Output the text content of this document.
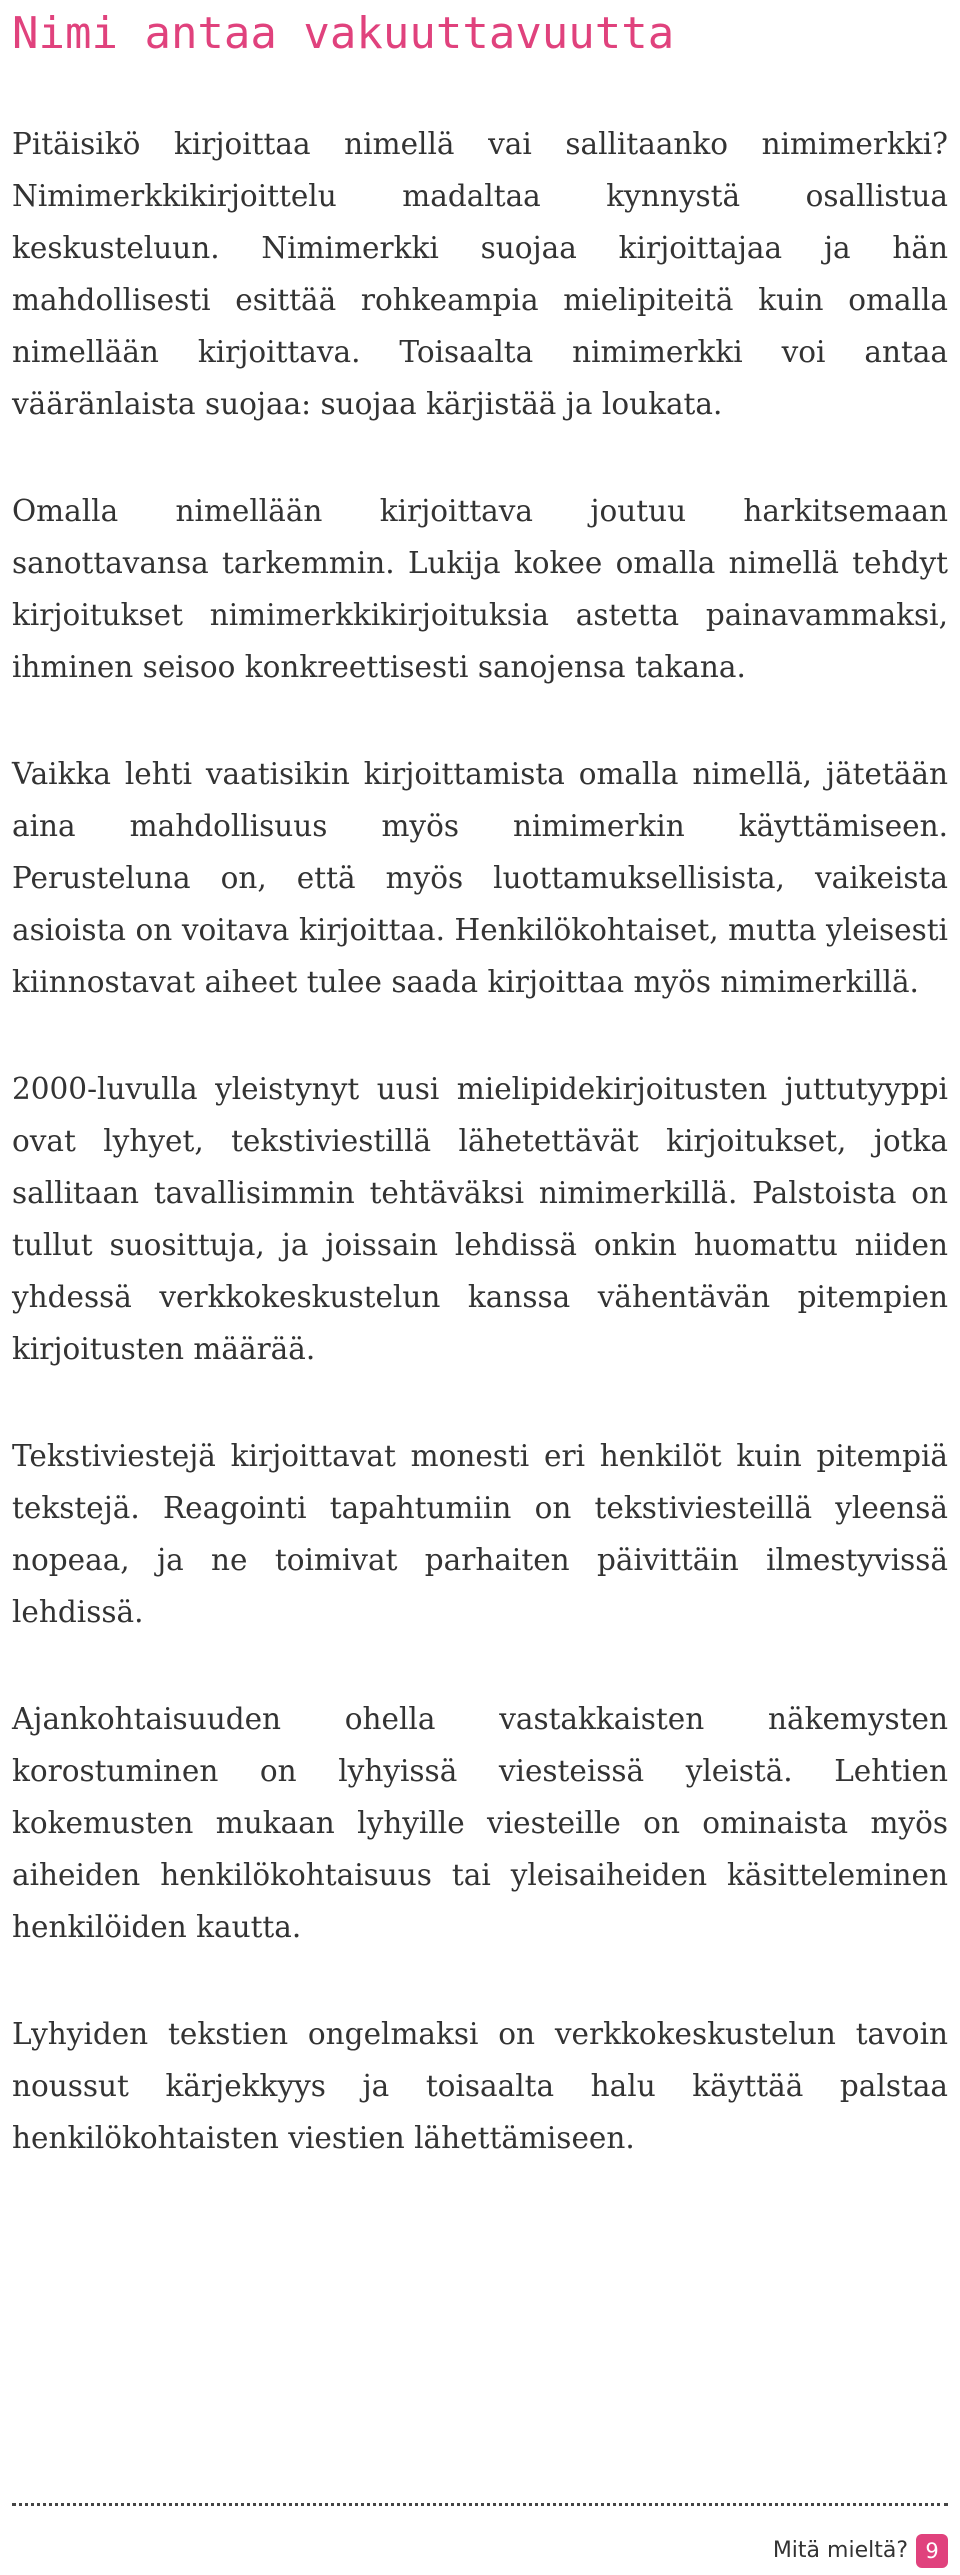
Nimi antaa vakuuttavuutta

Pitäisikö kirjoittaa nimellä vai sallitaanko nimimerkki? Nimimerkkikirjoittelu madaltaa kynnystä osallistua keskusteluun. Nimimerkki suojaa kirjoittajaa ja hän mahdollisesti esittää rohkeampia mielipiteitä kuin omalla nimellään kirjoittava. Toisaalta nimimerkki voi antaa vääränlaista suojaa: suojaa kärjistää ja loukata.

Omalla nimellään kirjoittava joutuu harkitsemaan sanottavansa tarkemmin. Lukija kokee omalla nimellä tehdyt kirjoitukset nimimerkkikirjoituksia astetta painavammaksi, ihminen seisoo konkreettisesti sanojensa takana.

Vaikka lehti vaatisikin kirjoittamista omalla nimellä, jätetään aina mahdollisuus myös nimimerkin käyttämiseen. Perusteluna on, että myös luottamuksellisista, vaikeista asioista on voitava kirjoittaa. Henkilökohtaiset, mutta yleisesti kiinnostavat aiheet tulee saada kirjoittaa myös nimimerkillä.

2000-luvulla yleistynyt uusi mielipidekirjoitusten juttutyyppi ovat lyhyet, tekstiviestillä lähetettävät kirjoitukset, jotka sallitaan tavallisimmin tehtäväksi nimimerkillä. Palstoista on tullut suosittuja, ja joissain lehdissä onkin huomattu niiden yhdessä verkkokeskustelun kanssa vähentävän pitempien kirjoitusten määrää.

Tekstiviestejä kirjoittavat monesti eri henkilöt kuin pitempiä tekstejä. Reagointi tapahtumiin on tekstiviesteillä yleensä nopeaa, ja ne toimivat parhaiten päivittäin ilmestyvissä lehdissä.

Ajankohtaisuuden ohella vastakkaisten näkemysten korostuminen on lyhyissä viesteissä yleistä. Lehtien kokemusten mukaan lyhyille viesteille on ominaista myös aiheiden henkilökohtaisuus tai yleisaiheiden käsitteleminen henkilöiden kautta.

Lyhyiden tekstien ongelmaksi on verkkokeskustelun tavoin noussut kärjekkyys ja toisaalta halu käyttää palstaa henkilökohtaisten viestien lähettämiseen.

Mitä mieltä? 9
